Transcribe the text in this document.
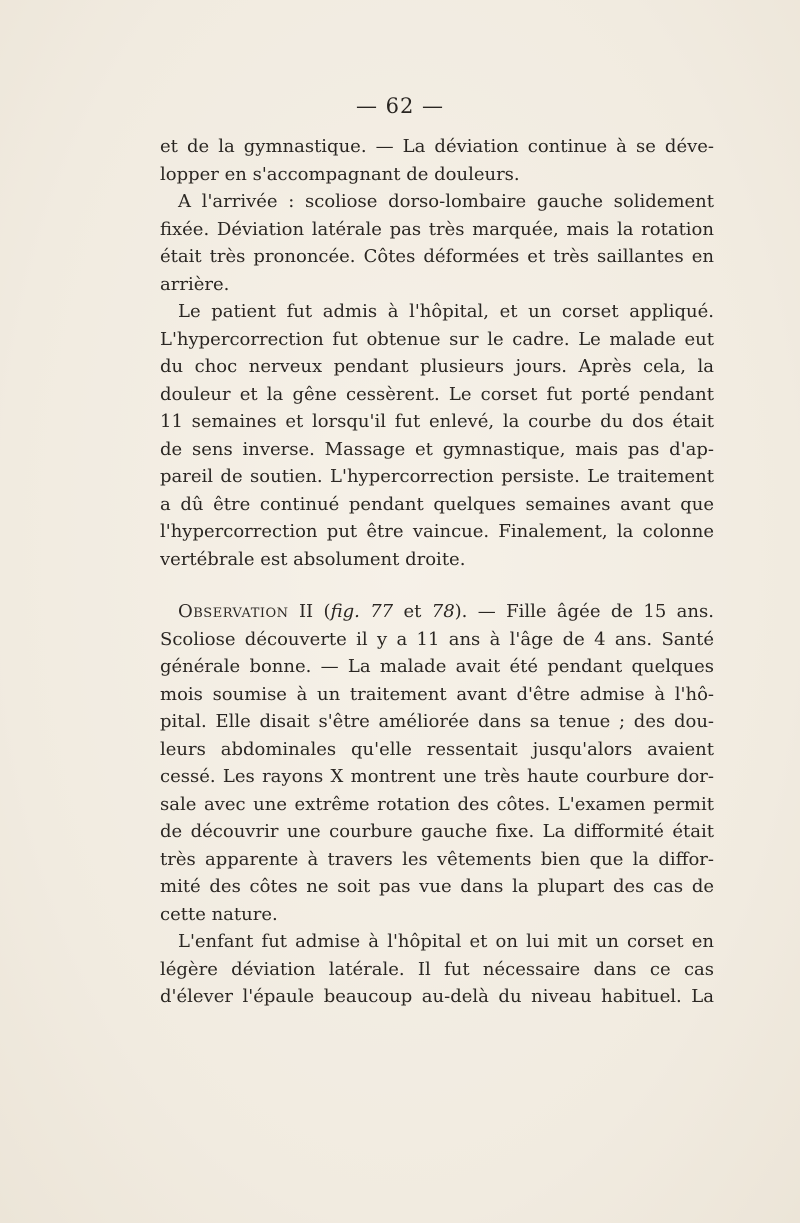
— 62 —
et de la gymnastique. — La déviation continue à se déve-
lopper en s'accompagnant de douleurs.
A l'arrivée : scoliose dorso-lombaire gauche solidement
fixée. Déviation latérale pas très marquée, mais la rotation
était très prononcée. Côtes déformées et très saillantes en
arrière.
Le patient fut admis à l'hôpital, et un corset appliqué.
L'hypercorrection fut obtenue sur le cadre. Le malade eut
du choc nerveux pendant plusieurs jours. Après cela, la
douleur et la gêne cessèrent. Le corset fut porté pendant
11 semaines et lorsqu'il fut enlevé, la courbe du dos était
de sens inverse. Massage et gymnastique, mais pas d'ap-
pareil de soutien. L'hypercorrection persiste. Le traitement
a dû être continué pendant quelques semaines avant que
l'hypercorrection put être vaincue. Finalement, la colonne
vertébrale est absolument droite.
Observation II (fig. 77 et 78). — Fille âgée de 15 ans.
Scoliose découverte il y a 11 ans à l'âge de 4 ans. Santé
générale bonne. — La malade avait été pendant quelques
mois soumise à un traitement avant d'être admise à l'hô-
pital. Elle disait s'être améliorée dans sa tenue ; des dou-
leurs abdominales qu'elle ressentait jusqu'alors avaient
cessé. Les rayons X montrent une très haute courbure dor-
sale avec une extrême rotation des côtes. L'examen permit
de découvrir une courbure gauche fixe. La difformité était
très apparente à travers les vêtements bien que la diffor-
mité des côtes ne soit pas vue dans la plupart des cas de
cette nature.
L'enfant fut admise à l'hôpital et on lui mit un corset en
légère déviation latérale. Il fut nécessaire dans ce cas
d'élever l'épaule beaucoup au-delà du niveau habituel. La
